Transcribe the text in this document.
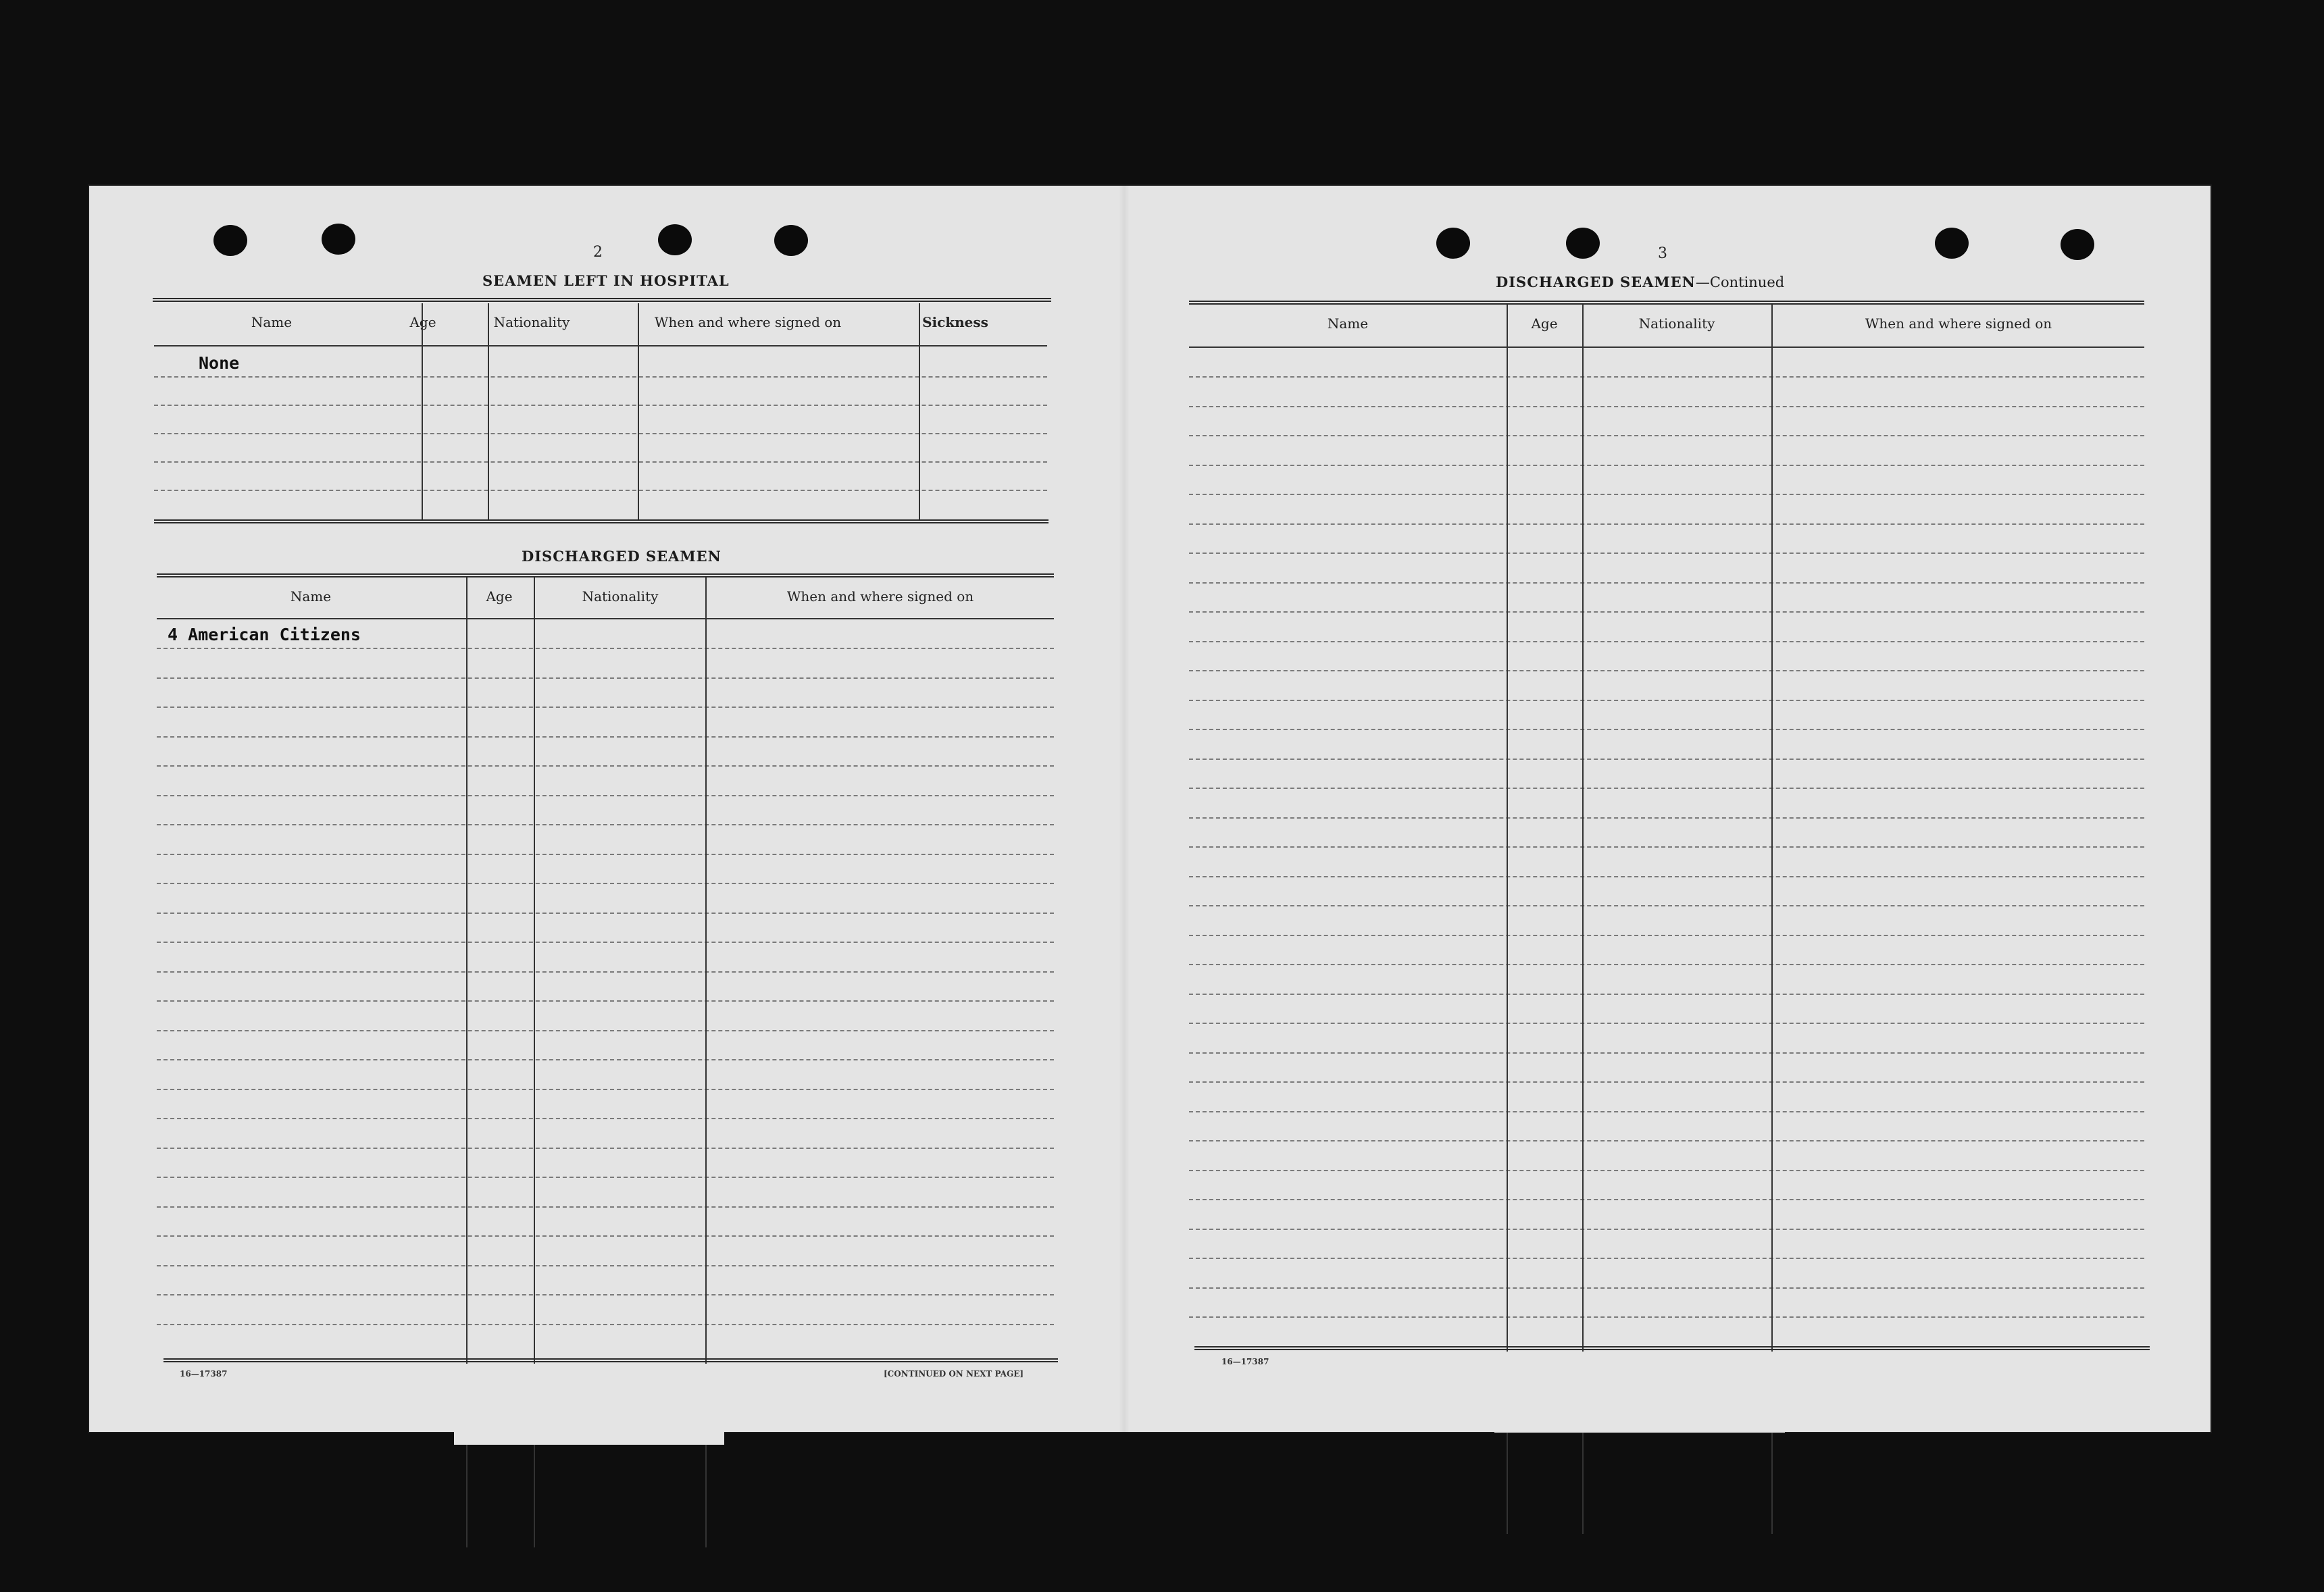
2
SEAMEN LEFT IN HOSPITAL
Name	Age	Nationality	When and where signed on	Sickness
None
DISCHARGED SEAMEN
Name	Age	Nationality	When and where signed on
4 American Citizens
16—17387	[CONTINUED ON NEXT PAGE]
3
DISCHARGED SEAMEN—Continued
Name	Age	Nationality	When and where signed on
16—17387
